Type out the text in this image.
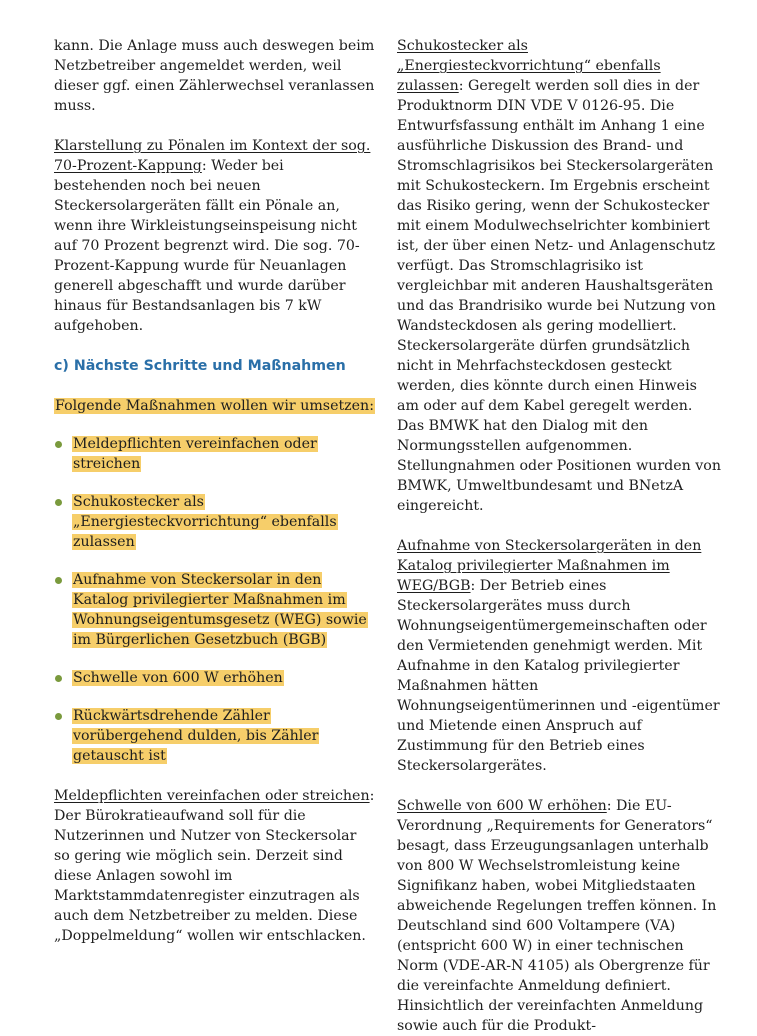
kann. Die Anlage muss auch deswegen beim Netzbetreiber angemeldet werden, weil dieser ggf. einen Zählerwechsel veranlassen muss.

Klarstellung zu Pönalen im Kontext der sog. 70-Prozent-Kappung: Weder bei bestehenden noch bei neuen Steckersolargeräten fällt ein Pönale an, wenn ihre Wirkleistungseinspeisung nicht auf 70 Prozent begrenzt wird. Die sog. 70-Prozent-Kappung wurde für Neuanlagen generell abgeschafft und wurde darüber hinaus für Bestandsanlagen bis 7 kW aufgehoben.

c) Nächste Schritte und Maßnahmen

Folgende Maßnahmen wollen wir umsetzen:

Meldepflichten vereinfachen oder streichen
Schukostecker als „Energiesteckvorrichtung“ ebenfalls zulassen
Aufnahme von Steckersolar in den Katalog privilegierter Maßnahmen im Wohnungseigentumsgesetz (WEG) sowie im Bürgerlichen Gesetzbuch (BGB)
Schwelle von 600 W erhöhen
Rückwärtsdrehende Zähler vorübergehend dulden, bis Zähler getauscht ist

Meldepflichten vereinfachen oder streichen: Der Bürokratieaufwand soll für die Nutzerinnen und Nutzer von Steckersolar so gering wie möglich sein. Derzeit sind diese Anlagen sowohl im Marktstammdatenregister einzutragen als auch dem Netzbetreiber zu melden. Diese „Doppelmeldung“ wollen wir entschlacken.

Schukostecker als „Energiesteckvorrichtung“ ebenfalls zulassen: Geregelt werden soll dies in der Produktnorm DIN VDE V 0126-95. Die Entwurfsfassung enthält im Anhang 1 eine ausführliche Diskussion des Brand- und Stromschlagrisikos bei Steckersolargeräten mit Schukosteckern. Im Ergebnis erscheint das Risiko gering, wenn der Schukostecker mit einem Modulwechselrichter kombiniert ist, der über einen Netz- und Anlagenschutz verfügt. Das Stromschlagrisiko ist vergleichbar mit anderen Haushaltsgeräten und das Brandrisiko wurde bei Nutzung von Wandsteckdosen als gering modelliert. Steckersolargeräte dürfen grundsätzlich nicht in Mehrfachsteckdosen gesteckt werden, dies könnte durch einen Hinweis am oder auf dem Kabel geregelt werden. Das BMWK hat den Dialog mit den Normungsstellen aufgenommen. Stellungnahmen oder Positionen wurden von BMWK, Umweltbundesamt und BNetzA eingereicht.

Aufnahme von Steckersolargeräten in den Katalog privilegierter Maßnahmen im WEG/BGB: Der Betrieb eines Steckersolargerätes muss durch Wohnungseigentümergemeinschaften oder den Vermietenden genehmigt werden. Mit Aufnahme in den Katalog privilegierter Maßnahmen hätten Wohnungseigentümerinnen und -eigentümer und Mietende einen Anspruch auf Zustimmung für den Betrieb eines Steckersolargerätes.

Schwelle von 600 W erhöhen: Die EU-Verordnung „Requirements for Generators“ besagt, dass Erzeugungsanlagen unterhalb von 800 W Wechselstromleistung keine Signifikanz haben, wobei Mitgliedstaaten abweichende Regelungen treffen können. In Deutschland sind 600 Voltampere (VA) (entspricht 600 W) in einer technischen Norm (VDE-AR-N 4105) als Obergrenze für die vereinfachte Anmeldung definiert. Hinsichtlich der vereinfachten Anmeldung sowie auch für die Produkt-
